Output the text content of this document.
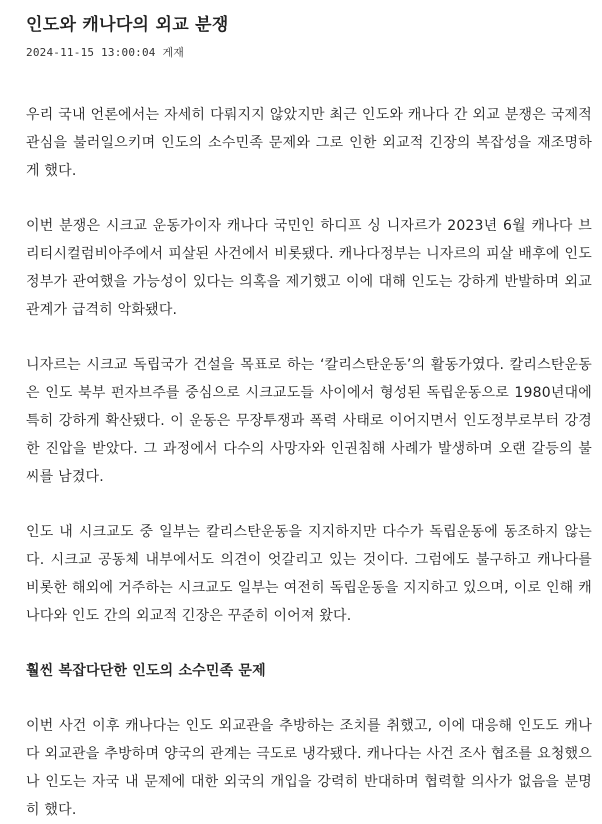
인도와 캐나다의 외교 분쟁
2024-11-15 13:00:04 게재

우리 국내 언론에서는 자세히 다뤄지지 않았지만 최근 인도와 캐나다 간 외교 분쟁은 국제적 관심을 불러일으키며 인도의 소수민족 문제와 그로 인한 외교적 긴장의 복잡성을 재조명하게 했다.

이번 분쟁은 시크교 운동가이자 캐나다 국민인 하디프 싱 니자르가 2023년 6월 캐나다 브리티시컬럼비아주에서 피살된 사건에서 비롯됐다. 캐나다정부는 니자르의 피살 배후에 인도정부가 관여했을 가능성이 있다는 의혹을 제기했고 이에 대해 인도는 강하게 반발하며 외교 관계가 급격히 악화됐다.

니자르는 시크교 독립국가 건설을 목표로 하는 ‘칼리스탄운동’의 활동가였다. 칼리스탄운동은 인도 북부 펀자브주를 중심으로 시크교도들 사이에서 형성된 독립운동으로 1980년대에 특히 강하게 확산됐다. 이 운동은 무장투쟁과 폭력 사태로 이어지면서 인도정부로부터 강경한 진압을 받았다. 그 과정에서 다수의 사망자와 인권침해 사례가 발생하며 오랜 갈등의 불씨를 남겼다.

인도 내 시크교도 중 일부는 칼리스탄운동을 지지하지만 다수가 독립운동에 동조하지 않는다. 시크교 공동체 내부에서도 의견이 엇갈리고 있는 것이다. 그럼에도 불구하고 캐나다를 비롯한 해외에 거주하는 시크교도 일부는 여전히 독립운동을 지지하고 있으며, 이로 인해 캐나다와 인도 간의 외교적 긴장은 꾸준히 이어져 왔다.

훨씬 복잡다단한 인도의 소수민족 문제

이번 사건 이후 캐나다는 인도 외교관을 추방하는 조치를 취했고, 이에 대응해 인도도 캐나다 외교관을 추방하며 양국의 관계는 극도로 냉각됐다. 캐나다는 사건 조사 협조를 요청했으나 인도는 자국 내 문제에 대한 외국의 개입을 강력히 반대하며 협력할 의사가 없음을 분명히 했다.
